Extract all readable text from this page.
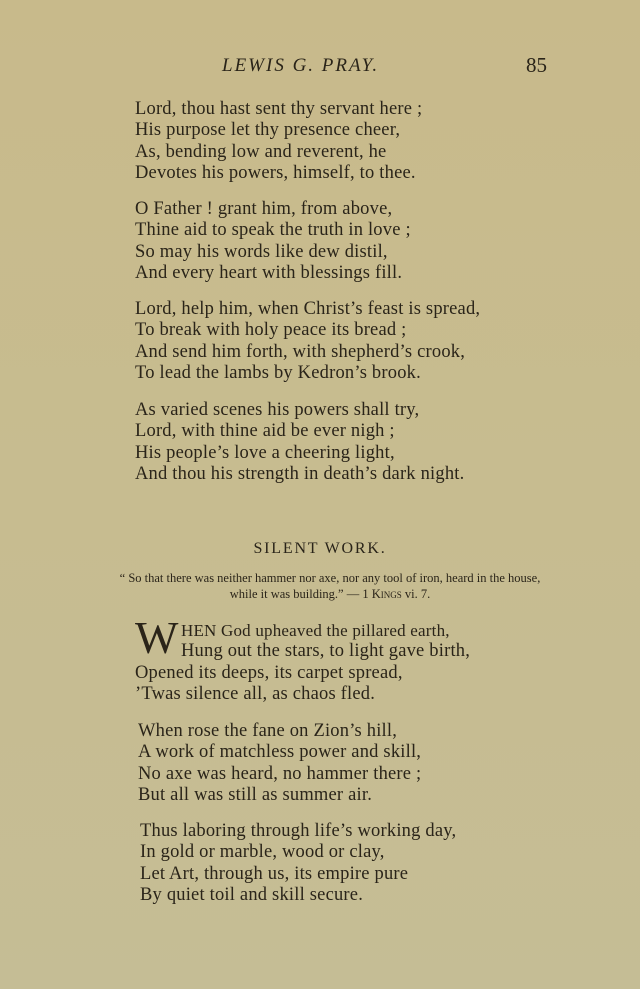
LEWIS G. PRAY.	85
Lord, thou hast sent thy servant here ;
His purpose let thy presence cheer,
As, bending low and reverent, he
Devotes his powers, himself, to thee.
O Father ! grant him, from above,
Thine aid to speak the truth in love ;
So may his words like dew distil,
And every heart with blessings fill.
Lord, help him, when Christ’s feast is spread,
To break with holy peace its bread ;
And send him forth, with shepherd’s crook,
To lead the lambs by Kedron’s brook.
As varied scenes his powers shall try,
Lord, with thine aid be ever nigh ;
His people’s love a cheering light,
And thou his strength in death’s dark night.
SILENT WORK.
“ So that there was neither hammer nor axe, nor any tool of iron, heard in the house,
while it was building.” — 1 Kings vi. 7.
W HEN God upheaved the pillared earth,
Hung out the stars, to light gave birth,
Opened its deeps, its carpet spread,
’Twas silence all, as chaos fled.
When rose the fane on Zion’s hill,
A work of matchless power and skill,
No axe was heard, no hammer there ;
But all was still as summer air.
Thus laboring through life’s working day,
In gold or marble, wood or clay,
Let Art, through us, its empire pure
By quiet toil and skill secure.
